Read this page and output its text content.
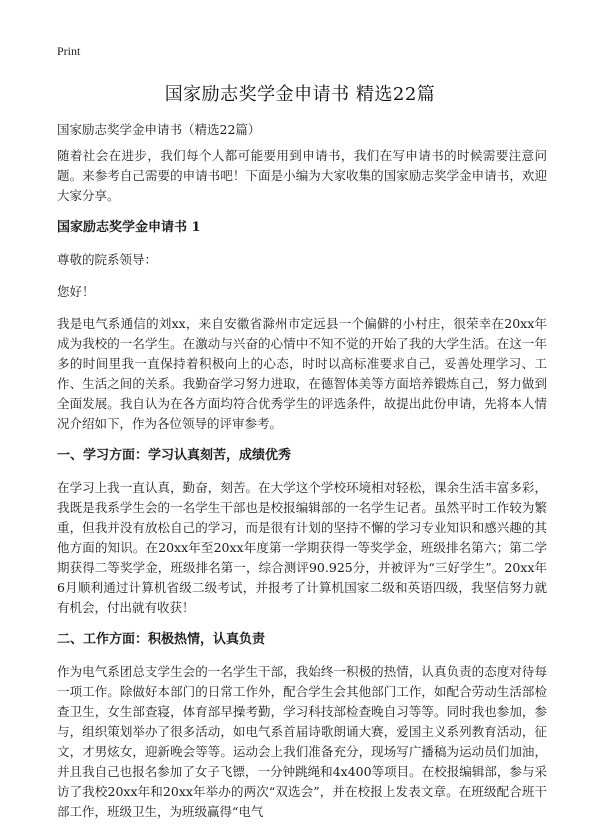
Print
国家励志奖学金申请书 精选22篇

国家励志奖学金申请书（精选22篇）

随着社会在进步，我们每个人都可能要用到申请书，我们在写申请书的时候需要注意问题。来参考自己需要的申请书吧！下面是小编为大家收集的国家励志奖学金申请书，欢迎大家分享。

国家励志奖学金申请书 1

尊敬的院系领导：

您好！

我是电气系通信的刘xx，来自安徽省滁州市定远县一个偏僻的小村庄，很荣幸在20xx年成为我校的一名学生。在激动与兴奋的心情中不知不觉的开始了我的大学生活。在这一年多的时间里我一直保持着积极向上的心态，时时以高标准要求自己，妥善处理学习、工作、生活之间的关系。我勤奋学习努力进取，在德智体美等方面培养锻炼自己，努力做到全面发展。我自认为在各方面均符合优秀学生的评选条件，故提出此份申请，先将本人情况介绍如下，作为各位领导的评审参考。

一、学习方面：学习认真刻苦，成绩优秀

在学习上我一直认真，勤奋，刻苦。在大学这个学校环境相对轻松，课余生活丰富多彩，我既是我系学生会的一名学生干部也是校报编辑部的一名学生记者。虽然平时工作较为繁重，但我并没有放松自己的学习，而是很有计划的坚持不懈的学习专业知识和感兴趣的其他方面的知识。在20xx年至20xx年度第一学期获得一等奖学金，班级排名第六；第二学期获得二等奖学金，班级排名第一，综合测评90.925分，并被评为“三好学生”。20xx年6月顺利通过计算机省级二级考试，并报考了计算机国家二级和英语四级，我坚信努力就有机会，付出就有收获！

二、工作方面：积极热情，认真负责

作为电气系团总支学生会的一名学生干部，我始终一积极的热情，认真负责的态度对待每一项工作。除做好本部门的日常工作外，配合学生会其他部门工作，如配合劳动生活部检查卫生，女生部查寝，体育部早操考勤，学习科技部检查晚自习等等。同时我也参加，参与，组织策划举办了很多活动，如电气系首届诗歌朗诵大赛，爱国主义系列教育活动，征文，才男炫女，迎新晚会等等。运动会上我们准备充分，现场写广播稿为运动员们加油，并且我自己也报名参加了女子飞镖，一分钟跳绳和4x400等项目。在校报编辑部，参与采访了我校20xx年和20xx年举办的两次“双选会”，并在校报上发表文章。在班级配合班干部工作，班级卫生，为班级赢得“电气
